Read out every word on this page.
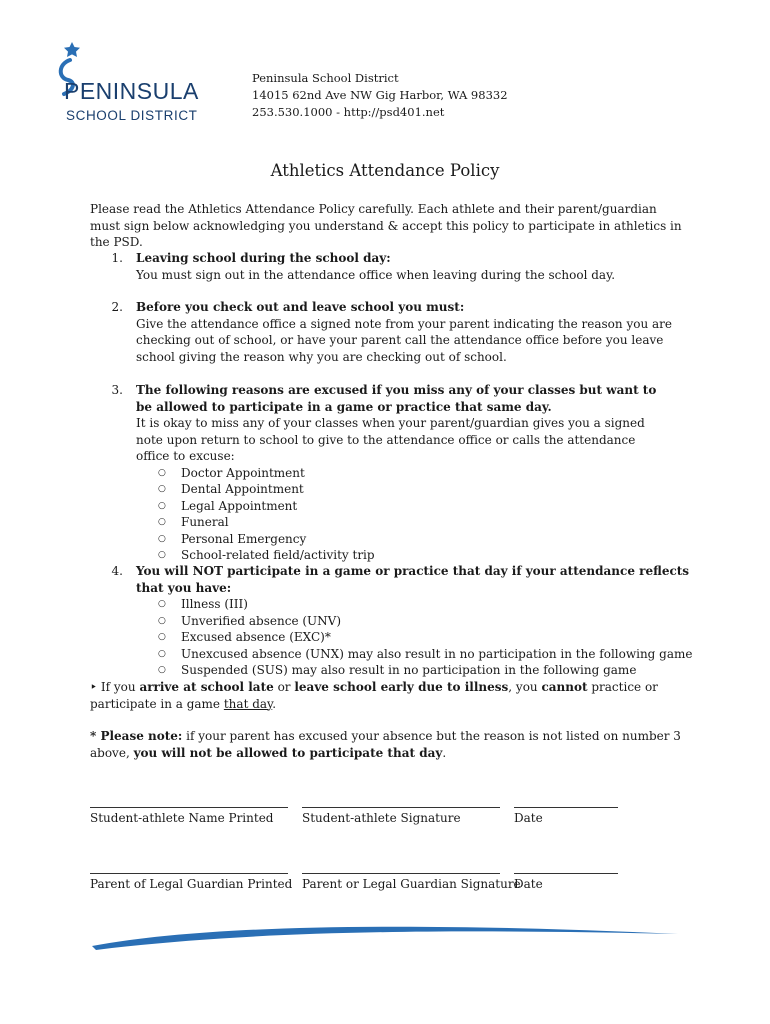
PENINSULA
SCHOOL DISTRICT
Peninsula School District
14015 62nd Ave NW Gig Harbor, WA 98332
253.530.1000 - http://psd401.net
Athletics Attendance Policy
Please read the Athletics Attendance Policy carefully. Each athlete and their parent/guardian must sign below acknowledging you understand & accept this policy to participate in athletics in the PSD.
1. Leaving school during the school day:
You must sign out in the attendance office when leaving during the school day.
2. Before you check out and leave school you must:
Give the attendance office a signed note from your parent indicating the reason you are checking out of school, or have your parent call the attendance office before you leave school giving the reason why you are checking out of school.
3. The following reasons are excused if you miss any of your classes but want to be allowed to participate in a game or practice that same day.
It is okay to miss any of your classes when your parent/guardian gives you a signed note upon return to school to give to the attendance office or calls the attendance office to excuse:
○ Doctor Appointment
○ Dental Appointment
○ Legal Appointment
○ Funeral
○ Personal Emergency
○ School-related field/activity trip
4. You will NOT participate in a game or practice that day if your attendance reflects that you have:
○ Illness (III)
○ Unverified absence (UNV)
○ Excused absence (EXC)*
○ Unexcused absence (UNX) may also result in no participation in the following game
○ Suspended (SUS) may also result in no participation in the following game
‣ If you arrive at school late or leave school early due to illness, you cannot practice or participate in a game that day.
* Please note: if your parent has excused your absence but the reason is not listed on number 3 above, you will not be allowed to participate that day.
Student-athlete Name Printed Student-athlete Signature	Date
Parent of Legal Guardian Printed Parent or Legal Guardian Signature
Date
